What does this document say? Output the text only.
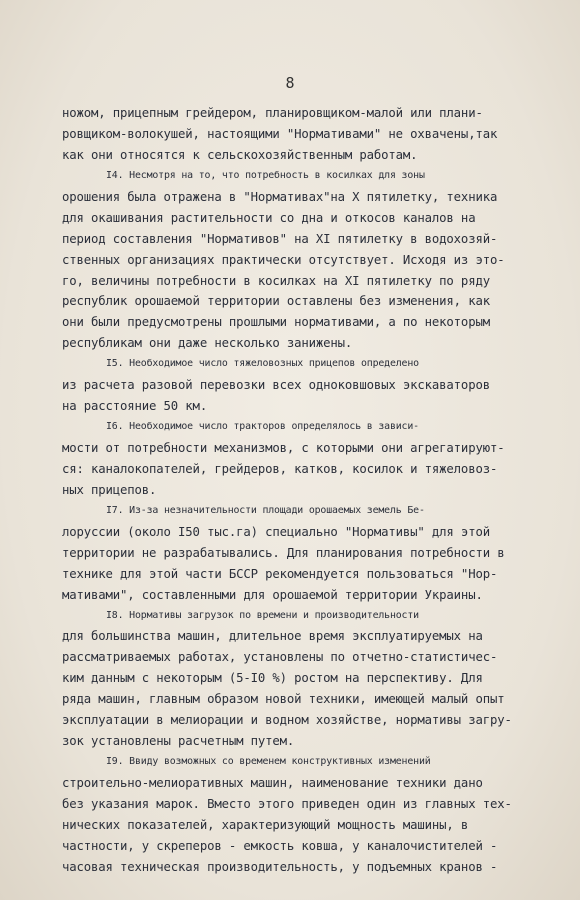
8
ножом, прицепным грейдером, планировщиком-малой или плани-
ровщиком-волокушей, настоящими "Нормативами" не охвачены,так
как они относятся к сельскохозяйственным работам.
I4. Несмотря на то, что потребность в косилках для зоны
орошения была отражена в "Нормативах"на X пятилетку, техника
для окашивания растительности со дна и откосов каналов на
период составления "Нормативов" на XI пятилетку в водохозяй-
ственных организациях практически отсутствует. Исходя из это-
го, величины потребности в косилках на XI пятилетку по ряду
республик орошаемой территории оставлены без изменения, как
они были предусмотрены прошлыми нормативами, а по некоторым
республикам они даже несколько занижены.
I5. Необходимое число тяжеловозных прицепов определено
из расчета разовой перевозки всех одноковшовых экскаваторов
на расстояние 50 км.
I6. Необходимое число тракторов определялось в зависи-
мости от потребности механизмов, с которыми они агрегатируют-
ся: каналокопателей, грейдеров, катков, косилок и тяжеловоз-
ных прицепов.
I7. Из-за незначительности площади орошаемых земель Бе-
лоруссии (около I50 тыс.га) специально "Нормативы" для этой
территории не разрабатывались. Для планирования потребности в
технике для этой части БССР рекомендуется пользоваться "Нор-
мативами", составленными для орошаемой территории Украины.
I8. Нормативы загрузок по времени и производительности
для большинства машин, длительное время эксплуатируемых на
рассматриваемых работах, установлены по отчетно-статистичес-
ким данным с некоторым (5-I0 %) ростом на перспективу. Для
ряда машин, главным образом новой техники, имеющей малый опыт
эксплуатации в мелиорации и водном хозяйстве, нормативы загру-
зок установлены расчетным путем.
I9. Ввиду возможных со временем конструктивных изменений
строительно-мелиоративных машин, наименование техники дано
без указания марок. Вместо этого приведен один из главных тех-
нических показателей, характеризующий мощность машины, в
частности, у скреперов - емкость ковша, у каналочистителей -
часовая техническая производительность, у подъемных кранов -
